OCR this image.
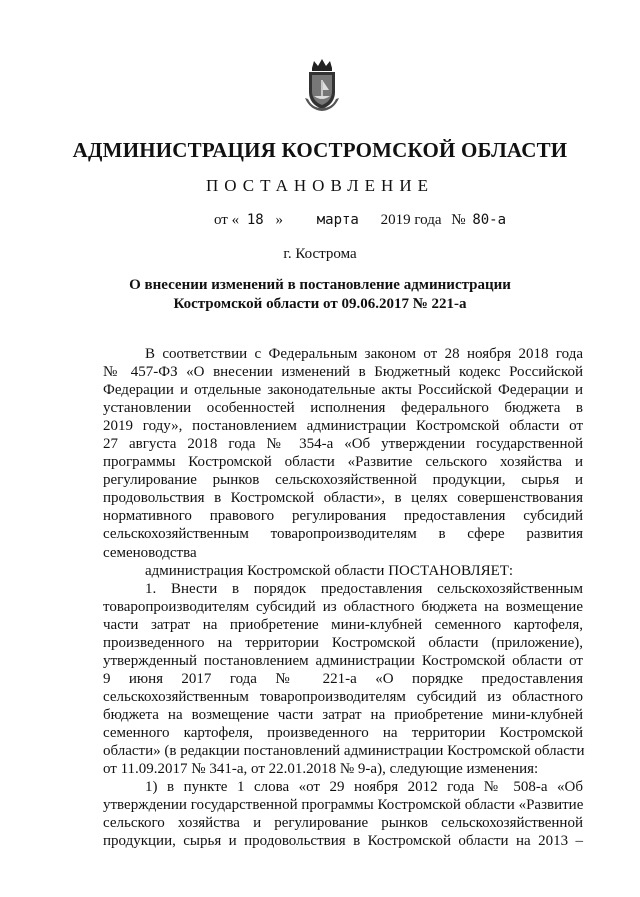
АДМИНИСТРАЦИЯ КОСТРОМСКОЙ ОБЛАСТИ
ПОСТАНОВЛЕНИЕ
от « 18 » марта 2019 года № 80-а
г. Кострома
О внесении изменений в постановление администрации
Костромской области от 09.06.2017 № 221-а
В соответствии с Федеральным законом от 28 ноября 2018 года
№ 457-ФЗ «О внесении изменений в Бюджетный кодекс Российской
Федерации и отдельные законодательные акты Российской Федерации и
установлении особенностей исполнения федерального бюджета в
2019 году», постановлением администрации Костромской области от
27 августа 2018 года № 354-а «Об утверждении государственной
программы Костромской области «Развитие сельского хозяйства и
регулирование рынков сельскохозяйственной продукции, сырья и
продовольствия в Костромской области», в целях совершенствования
нормативного правового регулирования предоставления субсидий
сельскохозяйственным товаропроизводителям в сфере развития
семеноводства
администрация Костромской области ПОСТАНОВЛЯЕТ:
1. Внести в порядок предоставления сельскохозяйственным
товаропроизводителям субсидий из областного бюджета на возмещение
части затрат на приобретение мини-клубней семенного картофеля,
произведенного на территории Костромской области (приложение),
утвержденный постановлением администрации Костромской области от
9 июня 2017 года № 221-а «О порядке предоставления
сельскохозяйственным товаропроизводителям субсидий из областного
бюджета на возмещение части затрат на приобретение мини-клубней
семенного картофеля, произведенного на территории Костромской
области» (в редакции постановлений администрации Костромской области
от 11.09.2017 № 341-а, от 22.01.2018 № 9-а), следующие изменения:
1) в пункте 1 слова «от 29 ноября 2012 года № 508-а «Об
утверждении государственной программы Костромской области «Развитие
сельского хозяйства и регулирование рынков сельскохозяйственной
продукции, сырья и продовольствия в Костромской области на 2013 –
